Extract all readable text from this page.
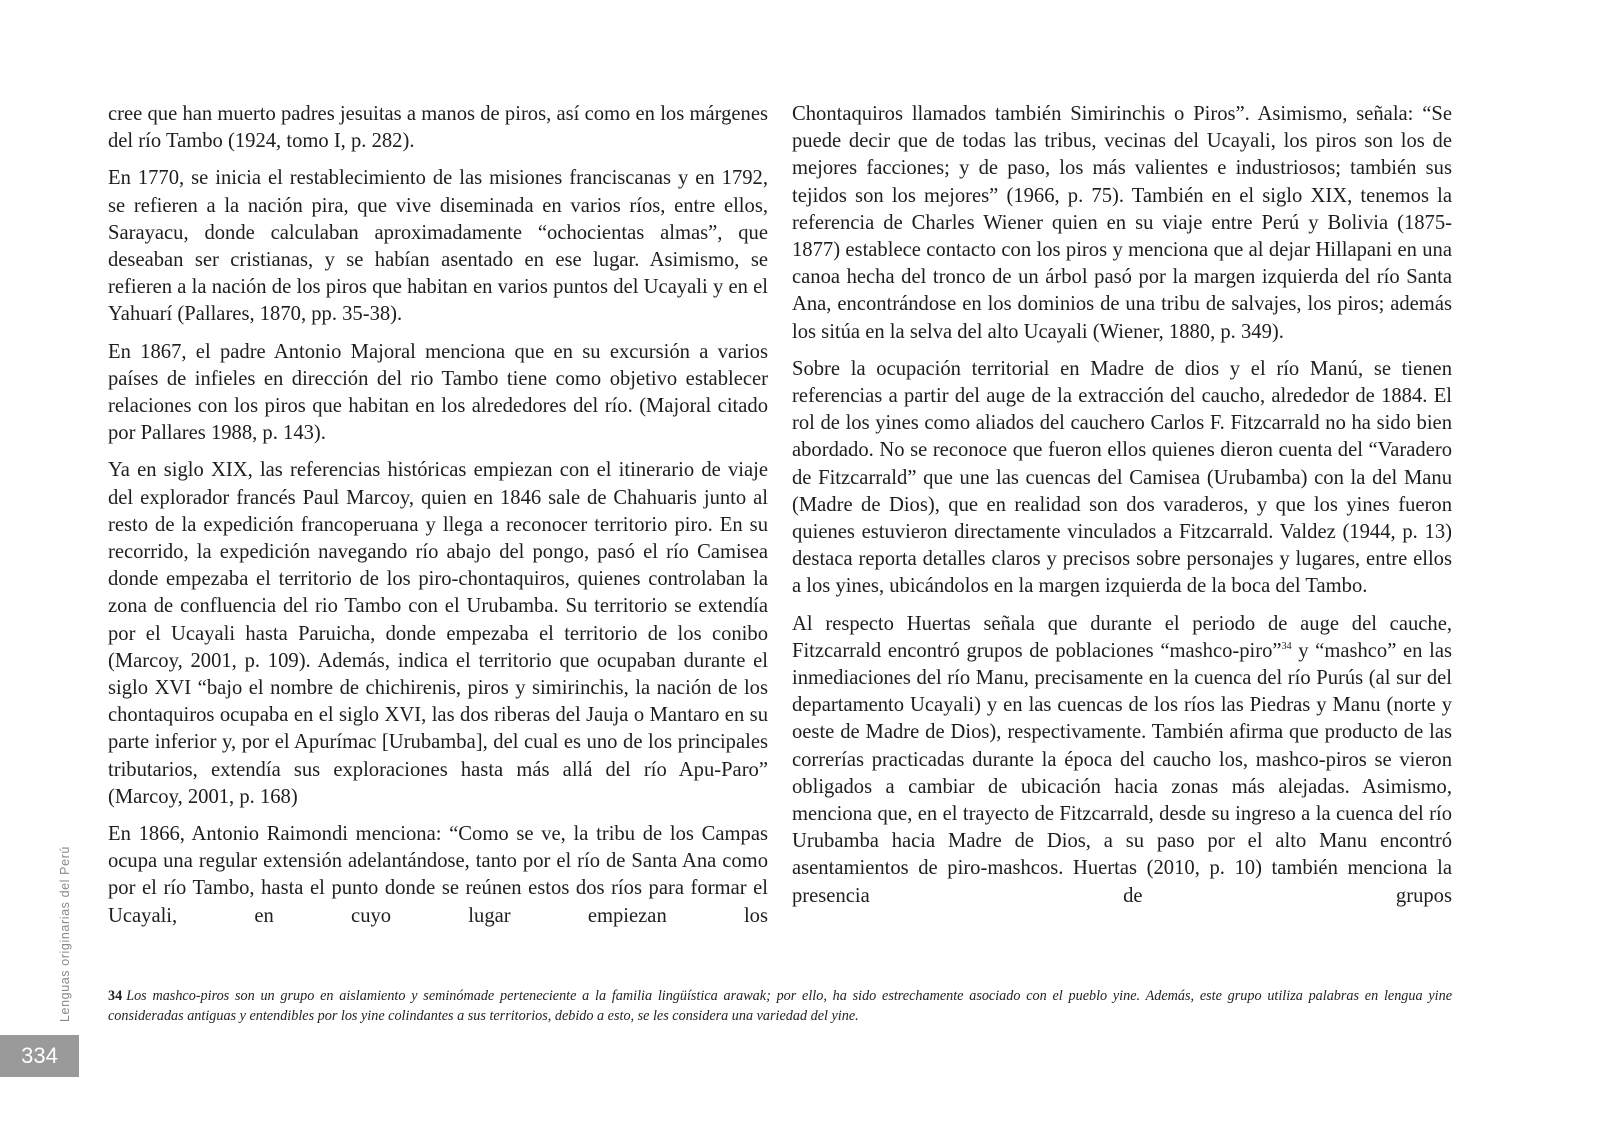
cree que han muerto padres jesuitas a manos de piros, así como en los márgenes del río Tambo (1924, tomo I, p. 282).

En 1770, se inicia el restablecimiento de las misiones franciscanas y en 1792, se refieren a la nación pira, que vive diseminada en varios ríos, entre ellos, Sarayacu, donde calculaban aproximadamente “ochocientas almas”, que deseaban ser cristianas, y se habían asentado en ese lugar. Asimismo, se refieren a la nación de los piros que habitan en varios puntos del Ucayali y en el Yahuarí (Pallares, 1870, pp. 35-38).

En 1867, el padre Antonio Majoral menciona que en su excursión a varios países de infieles en dirección del rio Tambo tiene como objetivo establecer relaciones con los piros que habitan en los alrededores del río. (Majoral citado por Pallares 1988, p. 143).

Ya en siglo XIX, las referencias históricas empiezan con el itinerario de viaje del explorador francés Paul Marcoy, quien en 1846 sale de Chahuaris junto al resto de la expedición francoperuana y llega a reconocer territorio piro. En su recorrido, la expedición navegando río abajo del pongo, pasó el río Camisea donde empezaba el territorio de los piro-chontaquiros, quienes controlaban la zona de confluencia del rio Tambo con el Urubamba. Su territorio se extendía por el Ucayali hasta Paruicha, donde empezaba el territorio de los conibo (Marcoy, 2001, p. 109). Además, indica el territorio que ocupaban durante el siglo XVI “bajo el nombre de chichirenis, piros y simirinchis, la nación de los chontaquiros ocupaba en el siglo XVI, las dos riberas del Jauja o Mantaro en su parte inferior y, por el Apurímac [Urubamba], del cual es uno de los principales tributarios, extendía sus exploraciones hasta más allá del río Apu-Paro” (Marcoy, 2001, p. 168)

En 1866, Antonio Raimondi menciona: “Como se ve, la tribu de los Campas ocupa una regular extensión adelantándose, tanto por el río de Santa Ana como por el río Tambo, hasta el punto donde se reúnen estos dos ríos para formar el Ucayali, en cuyo lugar empiezan los

Chontaquiros llamados también Simirinchis o Piros”. Asimismo, señala: “Se puede decir que de todas las tribus, vecinas del Ucayali, los piros son los de mejores facciones; y de paso, los más valientes e industriosos; también sus tejidos son los mejores” (1966, p. 75). También en el siglo XIX, tenemos la referencia de Charles Wiener quien en su viaje entre Perú y Bolivia (1875-1877) establece contacto con los piros y menciona que al dejar Hillapani en una canoa hecha del tronco de un árbol pasó por la margen izquierda del río Santa Ana, encontrándose en los dominios de una tribu de salvajes, los piros; además los sitúa en la selva del alto Ucayali (Wiener, 1880, p. 349).

Sobre la ocupación territorial en Madre de dios y el río Manú, se tienen referencias a partir del auge de la extracción del caucho, alrededor de 1884. El rol de los yines como aliados del cauchero Carlos F. Fitzcarrald no ha sido bien abordado. No se reconoce que fueron ellos quienes dieron cuenta del “Varadero de Fitzcarrald” que une las cuencas del Camisea (Urubamba) con la del Manu (Madre de Dios), que en realidad son dos varaderos, y que los yines fueron quienes estuvieron directamente vinculados a Fitzcarrald. Valdez (1944, p. 13) destaca reporta detalles claros y precisos sobre personajes y lugares, entre ellos a los yines, ubicándolos en la margen izquierda de la boca del Tambo.

Al respecto Huertas señala que durante el periodo de auge del cauche, Fitzcarrald encontró grupos de poblaciones “mashco-piro”$^{34}$ y “mashco” en las inmediaciones del río Manu, precisamente en la cuenca del río Purús (al sur del departamento Ucayali) y en las cuencas de los ríos las Piedras y Manu (norte y oeste de Madre de Dios), respectivamente. También afirma que producto de las correrías practicadas durante la época del caucho los, mashco-piros se vieron obligados a cambiar de ubicación hacia zonas más alejadas. Asimismo, menciona que, en el trayecto de Fitzcarrald, desde su ingreso a la cuenca del río Urubamba hacia Madre de Dios, a su paso por el alto Manu encontró asentamientos de piro-mashcos. Huertas (2010, p. 10) también menciona la presencia de grupos

34 Los mashco-piros son un grupo en aislamiento y seminómade perteneciente a la familia lingüística arawak; por ello, ha sido estrechamente asociado con el pueblo yine. Además, este grupo utiliza palabras en lengua yine consideradas antiguas y entendibles por los yine colindantes a sus territorios, debido a esto, se les considera una variedad del yine.
Lenguas originarias del Perú
334
